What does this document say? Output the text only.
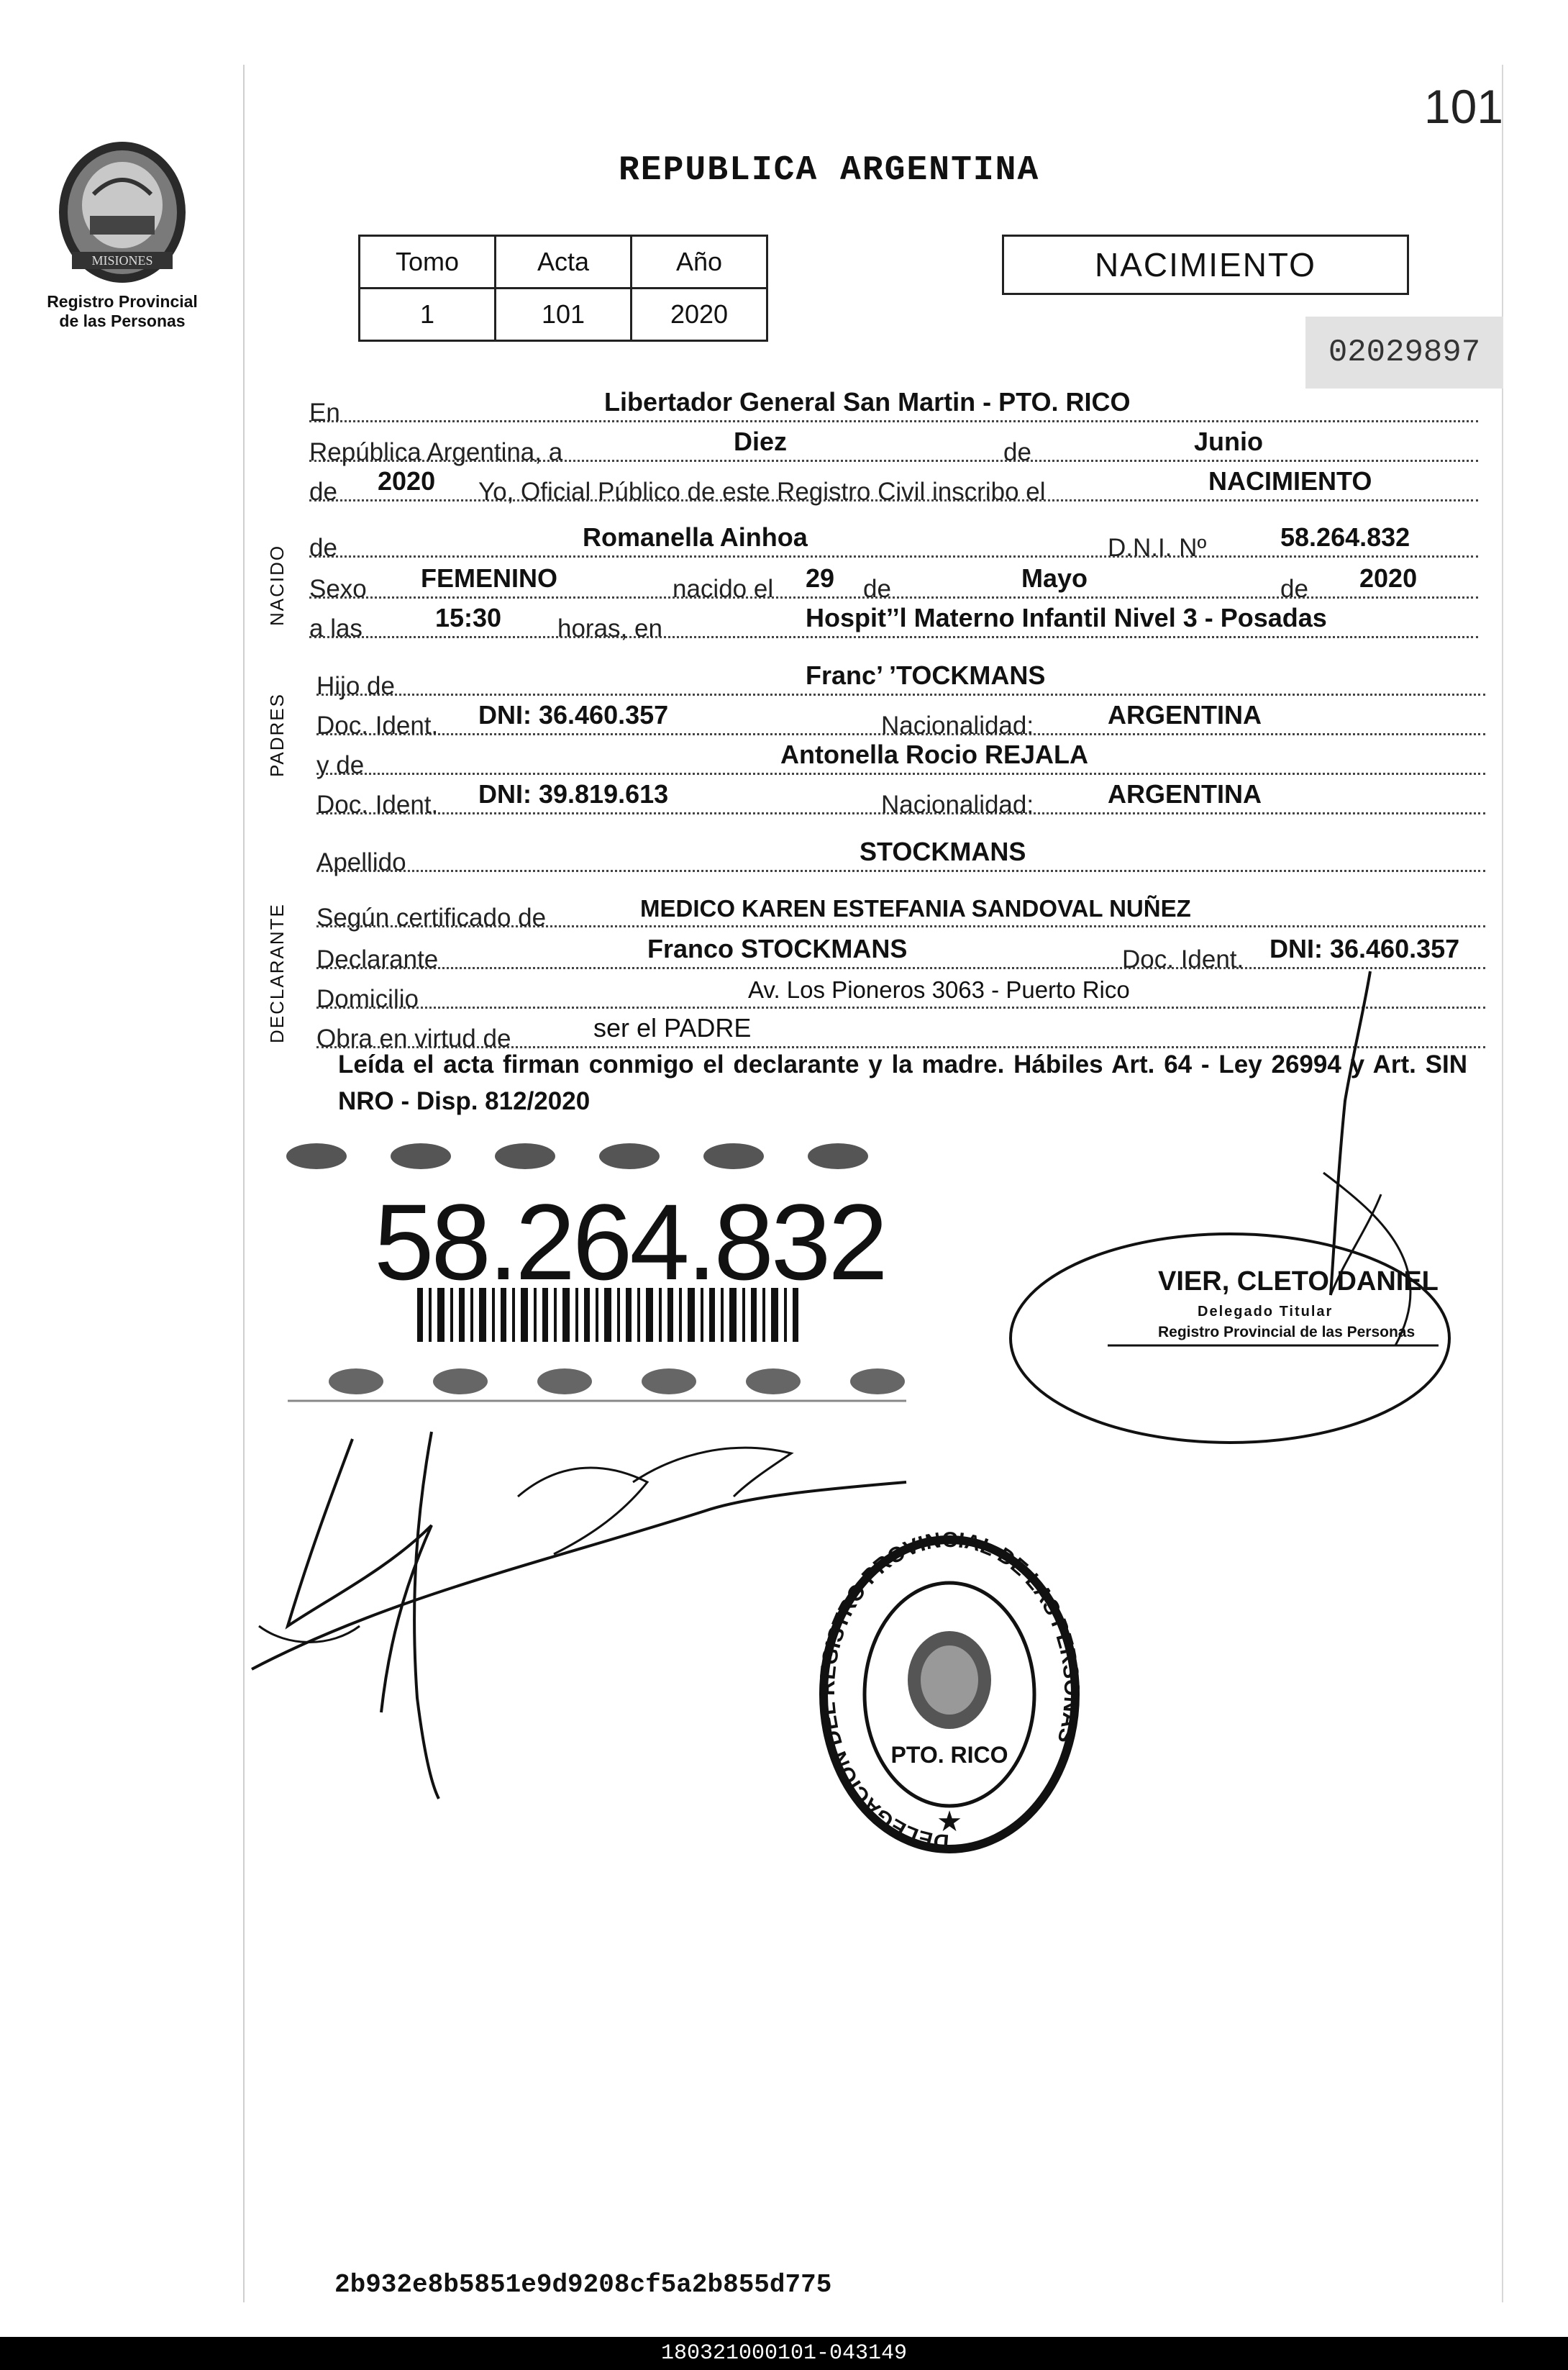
101
MISIONES
Registro Provincial
de las Personas
REPUBLICA ARGENTINA
Tomo	Acta	Año
1	101	2020
NACIMIENTO
02029897
En	Libertador General San Martin - PTO. RICO
República Argentina, a	Diez	de	Junio
de 2020 Yo, Oficial Público de este Registro Civil inscribo el	NACIMIENTO
NACIDO de	Romanella Ainhoa	D.N.I. Nº	58.264.832
Sexo FEMENINO	nacido el 29 de	Mayo	de 2020
a las	15:30 horas, en	Hospit’’l Materno Infantil Nivel 3 - Posadas
PADRES
Hijo de	Franc’ ’TOCKMANS
Doc. Ident. DNI: 36.460.357	Nacionalidad:	ARGENTINA
y de	Antonella Rocio REJALA
Doc. Ident. DNI: 39.819.613	Nacionalidad:	ARGENTINA
Apellido	STOCKMANS
DECLARANTE Según certificado de	MEDICO KAREN ESTEFANIA SANDOVAL NUÑEZ
Declarante	Franco STOCKMANS	Doc. Ident. DNI: 36.460.357
Domicilio	Av. Los Pioneros 3063 - Puerto Rico
Obra en virtud de	ser el PADRE
Leída el acta firman conmigo el declarante y la madre. Hábiles Art. 64 - Ley 26994 y Art. SIN NRO - Disp. 812/2020
58.264.832	VIER, CLETO DANIEL
Delegado Titular
Registro Provincial de las Personas
DELEGACION DEL REGISTRO PROVINCIAL DE LAS PERSONAS
PTO. RICO
★
2b932e8b5851e9d9208cf5a2b855d775
180321000101-043149
